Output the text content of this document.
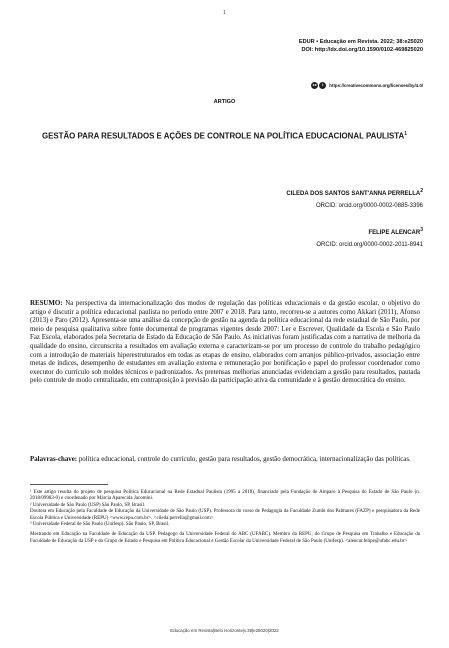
1
EDUR • Educação em Revista. 2022; 38:e25020
DOI: http://dx.doi.org/10.1590/0102-469825020
cc	i	https://creativecommons.org/licenses/by/4.0/
ARTIGO
GESTÃO PARA RESULTADOS E AÇÕES DE CONTROLE NA POLÍTICA EDUCACIONAL PAULISTA$^1$
CILEDA DOS SANTOS SANT'ANNA PERRELLA$^2$
ORCID: orcid.org/0000-0002-0885-3396
FELIPE ALENCAR$^3$
ORCID: orcid.org/0000-0002-2011-8941

RESUMO: Na perspectiva da internacionalização dos modos de regulação das políticas educacionais e da gestão escolar, o objetivo do artigo é discutir a política educacional paulista no período entre 2007 e 2018. Para tanto, recorreu-se a autores como Akkari (2011), Afonso (2013) e Paro (2012). Apresenta-se uma análise da concepção de gestão na agenda da política educacional da rede estadual de São Paulo, por meio de pesquisa qualitativa sobre fonte documental de programas vigentes desde 2007: Ler e Escrever, Qualidade da Escola e São Paulo Faz Escola, elaborados pela Secretaria de Estado da Educação de São Paulo. As iniciativas foram justificadas com a narrativa de melhoria da qualidade do ensino, circunscrita a resultados em avaliação externa e caracterizam-se por um processo de controle do trabalho pedagógico com a introdução de materiais hiperestruturados em todas as etapas de ensino, elaborados com arranjos público-privados, associação entre metas de índices, desempenho de estudantes em avaliação externa e remuneração por bonificação e papel do professor coordenador como executor do currículo sob moldes técnicos e padronizados. As pretensas melhorias anunciadas evidenciam a gestão para resultados, pautada pelo controle de modo centralizado, em contraposição à previsão da participação ativa da comunidade e à gestão democrática do ensino.

Palavras-chave: política educacional, controle do currículo, gestão para resultados, gestão democrática, internacionalização das políticas.

¹ Este artigo resulta do projeto de pesquisa Política Educacional na Rede Estadual Paulista (1995 a 2018), financiado pela Fundação de Amparo à Pesquisa do Estado de São Paulo (n. 2018/09983-0) e coordenado por Márcia Aparecida Jacomini.

² Universidade de São Paulo (USP) São Paulo, SP, Brasil.

Doutora em Educação pela Faculdade de Educação da Universidade de São Paulo (USP). Professora do curso de Pedagogia da Faculdade Zumbi dos Palmares (FAZP) e pesquisadora da Rede Escola Pública e Universidade (REPU) <www.repu.com.br>. <cileda.perrella@gmail.com>

³ Universidade Federal de São Paulo (Unifesp). São Paulo, SP, Brasil.

Mestrando em Educação na Faculdade de Educação da USP. Pedagogo da Universidade Federal do ABC (UFABC). Membro da REPU, do Grupo de Pesquisa em Trabalho e Educação da Faculdade de Educação da USP e do Grupo de Estado e Pesquisa em Política Educacional e Gestão Escolar da Universidade Federal de São Paulo (Unifesp). <alencar.felipe@ufabc.edu.br>

Educação em Revista|Belo Horizonte|v.38|e25020|2022
